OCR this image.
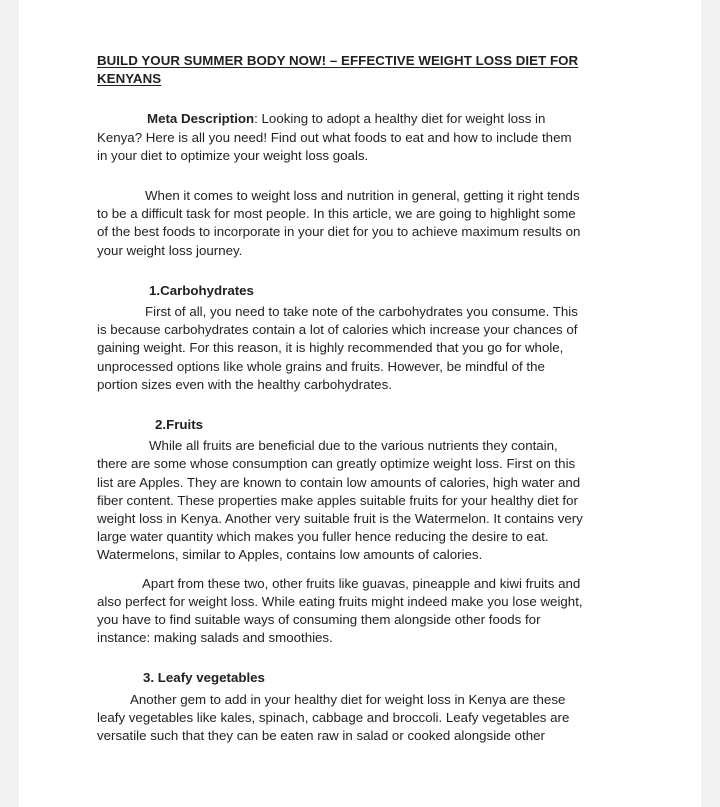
BUILD YOUR SUMMER BODY NOW! – EFFECTIVE WEIGHT LOSS DIET FOR KENYANS

Meta Description: Looking to adopt a healthy diet for weight loss in Kenya? Here is all you need! Find out what foods to eat and how to include them in your diet to optimize your weight loss goals.

When it comes to weight loss and nutrition in general, getting it right tends to be a difficult task for most people. In this article, we are going to highlight some of the best foods to incorporate in your diet for you to achieve maximum results on your weight loss journey.

1.Carbohydrates

First of all, you need to take note of the carbohydrates you consume. This is because carbohydrates contain a lot of calories which increase your chances of gaining weight. For this reason, it is highly recommended that you go for whole, unprocessed options like whole grains and fruits. However, be mindful of the portion sizes even with the healthy carbohydrates.

2.Fruits

While all fruits are beneficial due to the various nutrients they contain, there are some whose consumption can greatly optimize weight loss. First on this list are Apples. They are known to contain low amounts of calories, high water and fiber content. These properties make apples suitable fruits for your healthy diet for weight loss in Kenya. Another very suitable fruit is the Watermelon. It contains very large water quantity which makes you fuller hence reducing the desire to eat. Watermelons, similar to Apples, contains low amounts of calories.

Apart from these two, other fruits like guavas, pineapple and kiwi fruits and also perfect for weight loss. While eating fruits might indeed make you lose weight, you have to find suitable ways of consuming them alongside other foods for instance: making salads and smoothies.

3. Leafy vegetables

Another gem to add in your healthy diet for weight loss in Kenya are these leafy vegetables like kales, spinach, cabbage and broccoli. Leafy vegetables are versatile such that they can be eaten raw in salad or cooked alongside other
